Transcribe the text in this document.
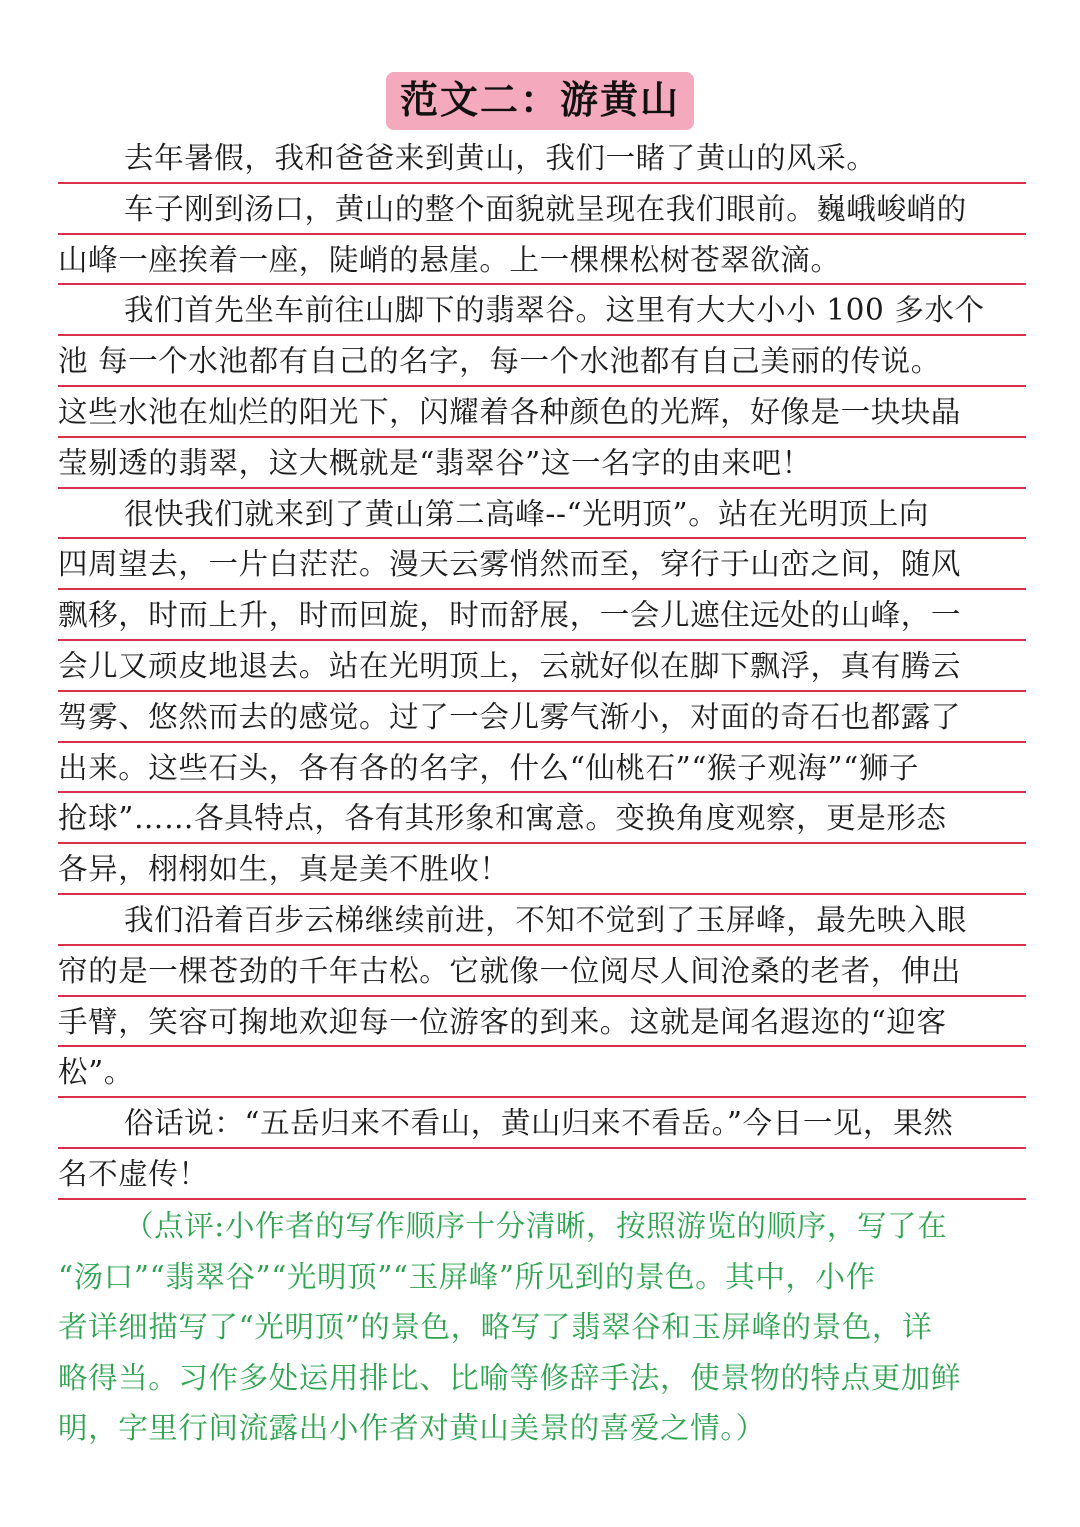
范文二：游黄山
去年暑假，我和爸爸来到黄山，我们一睹了黄山的风采。
车子刚到汤口，黄山的整个面貌就呈现在我们眼前。巍峨峻峭的
山峰一座挨着一座，陡峭的悬崖。上一棵棵松树苍翠欲滴。
我们首先坐车前往山脚下的翡翠谷。这里有大大小小 100 多水个
池 每一个水池都有自己的名字，每一个水池都有自己美丽的传说。
这些水池在灿烂的阳光下，闪耀着各种颜色的光辉，好像是一块块晶
莹剔透的翡翠，这大概就是“翡翠谷”这一名字的由来吧！
很快我们就来到了黄山第二高峰--“光明顶”。站在光明顶上向
四周望去，一片白茫茫。漫天云雾悄然而至，穿行于山峦之间，随风
飘移，时而上升，时而回旋，时而舒展，一会儿遮住远处的山峰，一
会儿又顽皮地退去。站在光明顶上，云就好似在脚下飘浮，真有腾云
驾雾、悠然而去的感觉。过了一会儿雾气渐小，对面的奇石也都露了
出来。这些石头，各有各的名字，什么“仙桃石”“猴子观海”“狮子
抢球”……各具特点，各有其形象和寓意。变换角度观察，更是形态
各异，栩栩如生，真是美不胜收！
我们沿着百步云梯继续前进，不知不觉到了玉屏峰，最先映入眼
帘的是一棵苍劲的千年古松。它就像一位阅尽人间沧桑的老者，伸出
手臂，笑容可掬地欢迎每一位游客的到来。这就是闻名遐迩的“迎客
松”。
俗话说：“五岳归来不看山，黄山归来不看岳。”今日一见，果然
名不虚传！
（点评:小作者的写作顺序十分清晰，按照游览的顺序，写了在
“汤口”“翡翠谷”“光明顶”“玉屏峰”所见到的景色。其中，小作
者详细描写了“光明顶”的景色，略写了翡翠谷和玉屏峰的景色，详
略得当。习作多处运用排比、比喻等修辞手法，使景物的特点更加鲜
明，字里行间流露出小作者对黄山美景的喜爱之情。）
